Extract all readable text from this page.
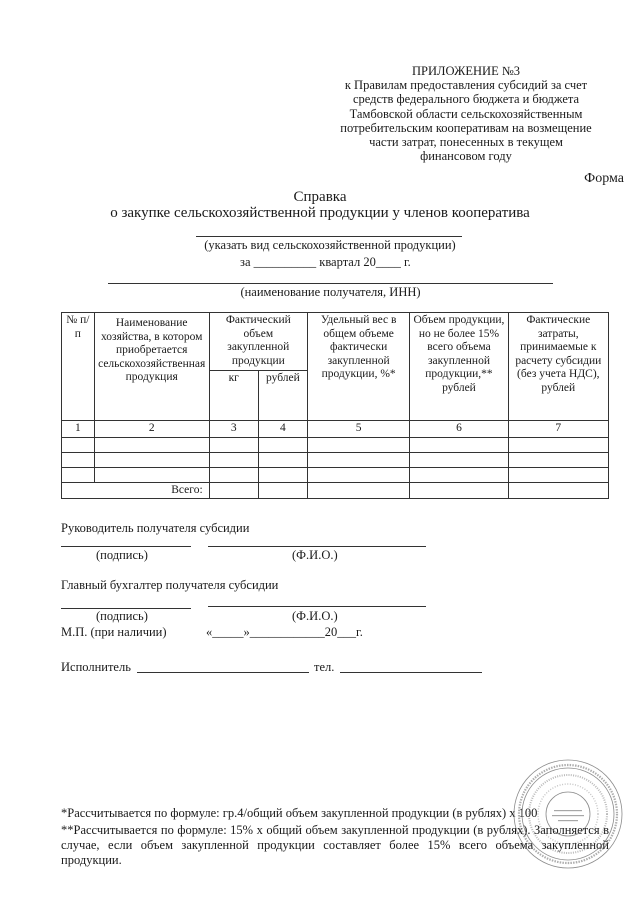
ПРИЛОЖЕНИЕ №3
к Правилам предоставления субсидий за счет
средств федерального бюджета и бюджета
Тамбовской области сельскохозяйственным
потребительским кооперативам на возмещение
части затрат, понесенных в текущем
финансовом году
Форма
Справка
о закупке сельскохозяйственной продукции у членов кооператива
(указать вид сельскохозяйственной продукции)
за __________ квартал 20____ г.
(наименование получателя, ИНН)
№ п/п	Наименование хозяйства, в котором приобретается сельскохозяйственная продукция	Фактический объем закупленной продукции		Удельный вес в общем объеме фактически закупленной продукции, %*	Объем продукции, но не более 15% всего объема закупленной продукции,** рублей	Фактические затраты, принимаемые к расчету субсидии (без учета НДС), рублей
		кг	рублей			
1	2	3	4	5	6	7

Всего:						
Руководитель получателя субсидии
(подпись)	(Ф.И.О.)
Главный бухгалтер получателя субсидии
(подпись)	(Ф.И.О.)
М.П. (при наличии)	«_____»____________20___г.
Исполнитель	тел.
*Рассчитывается по формуле: гр.4/общий объем закупленной продукции (в рублях) х 100
**Рассчитывается по формуле: 15% х общий объем закупленной продукции (в рублях). Заполняется в случае, если объем закупленной продукции составляет более 15% всего объема закупленной продукции.
